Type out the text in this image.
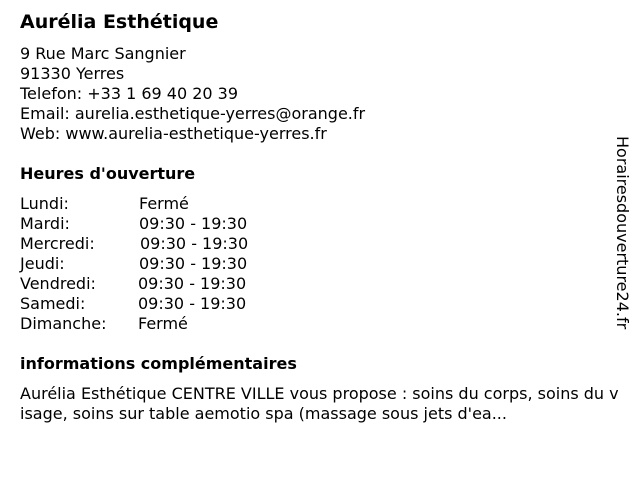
Aurélia Esthétique
9 Rue Marc Sangnier
91330 Yerres
Telefon: +33 1 69 40 20 39
Email: aurelia.esthetique-yerres@orange.fr
Web: www.aurelia-esthetique-yerres.fr
Heures d'ouverture
Lundi:	Fermé
Mardi:	09:30 - 19:30
Mercredi:	09:30 - 19:30
Jeudi:	09:30 - 19:30
Vendredi:	09:30 - 19:30
Samedi:	09:30 - 19:30
Dimanche:	Fermé
informations complémentaires
Aurélia Esthétique CENTRE VILLE vous propose : soins du corps, soins du visage, soins sur table aemotio spa (massage sous jets d'ea...
Horairesdouverture24.fr
